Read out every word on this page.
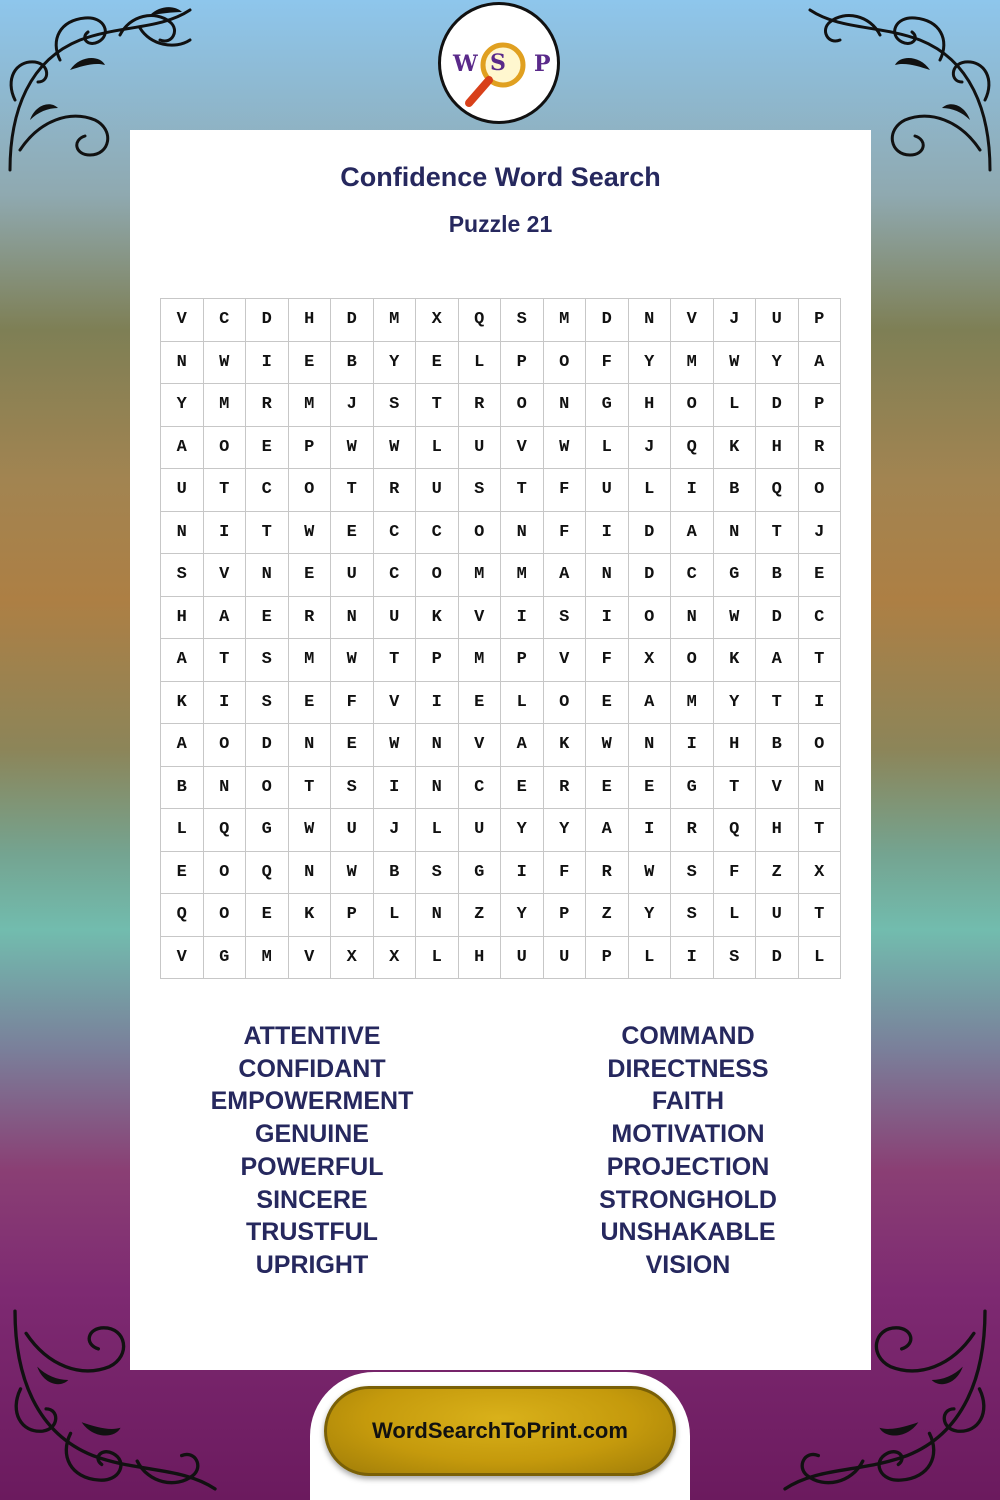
W S P
Confidence Word Search
Puzzle 21
V	C	D	H	D	M	X	Q	S	M	D	N	V	J	U	P
N	W	I	E	B	Y	E	L	P	O	F	Y	M	W	Y	A
Y	M	R	M	J	S	T	R	O	N	G	H	O	L	D	P
A	O	E	P	W	W	L	U	V	W	L	J	Q	K	H	R
U	T	C	O	T	R	U	S	T	F	U	L	I	B	Q	O
N	I	T	W	E	C	C	O	N	F	I	D	A	N	T	J
S	V	N	E	U	C	O	M	M	A	N	D	C	G	B	E
H	A	E	R	N	U	K	V	I	S	I	O	N	W	D	C
A	T	S	M	W	T	P	M	P	V	F	X	O	K	A	T
K	I	S	E	F	V	I	E	L	O	E	A	M	Y	T	I
A	O	D	N	E	W	N	V	A	K	W	N	I	H	B	O
B	N	O	T	S	I	N	C	E	R	E	E	G	T	V	N
L	Q	G	W	U	J	L	U	Y	Y	A	I	R	Q	H	T
E	O	Q	N	W	B	S	G	I	F	R	W	S	F	Z	X
Q	O	E	K	P	L	N	Z	Y	P	Z	Y	S	L	U	T
V	G	M	V	X	X	L	H	U	U	P	L	I	S	D	L
ATTENTIVE
CONFIDANT
EMPOWERMENT
GENUINE
POWERFUL
SINCERE
TRUSTFUL
UPRIGHT
COMMAND
DIRECTNESS
FAITH
MOTIVATION
PROJECTION
STRONGHOLD
UNSHAKABLE
VISION
WordSearchToPrint.com
